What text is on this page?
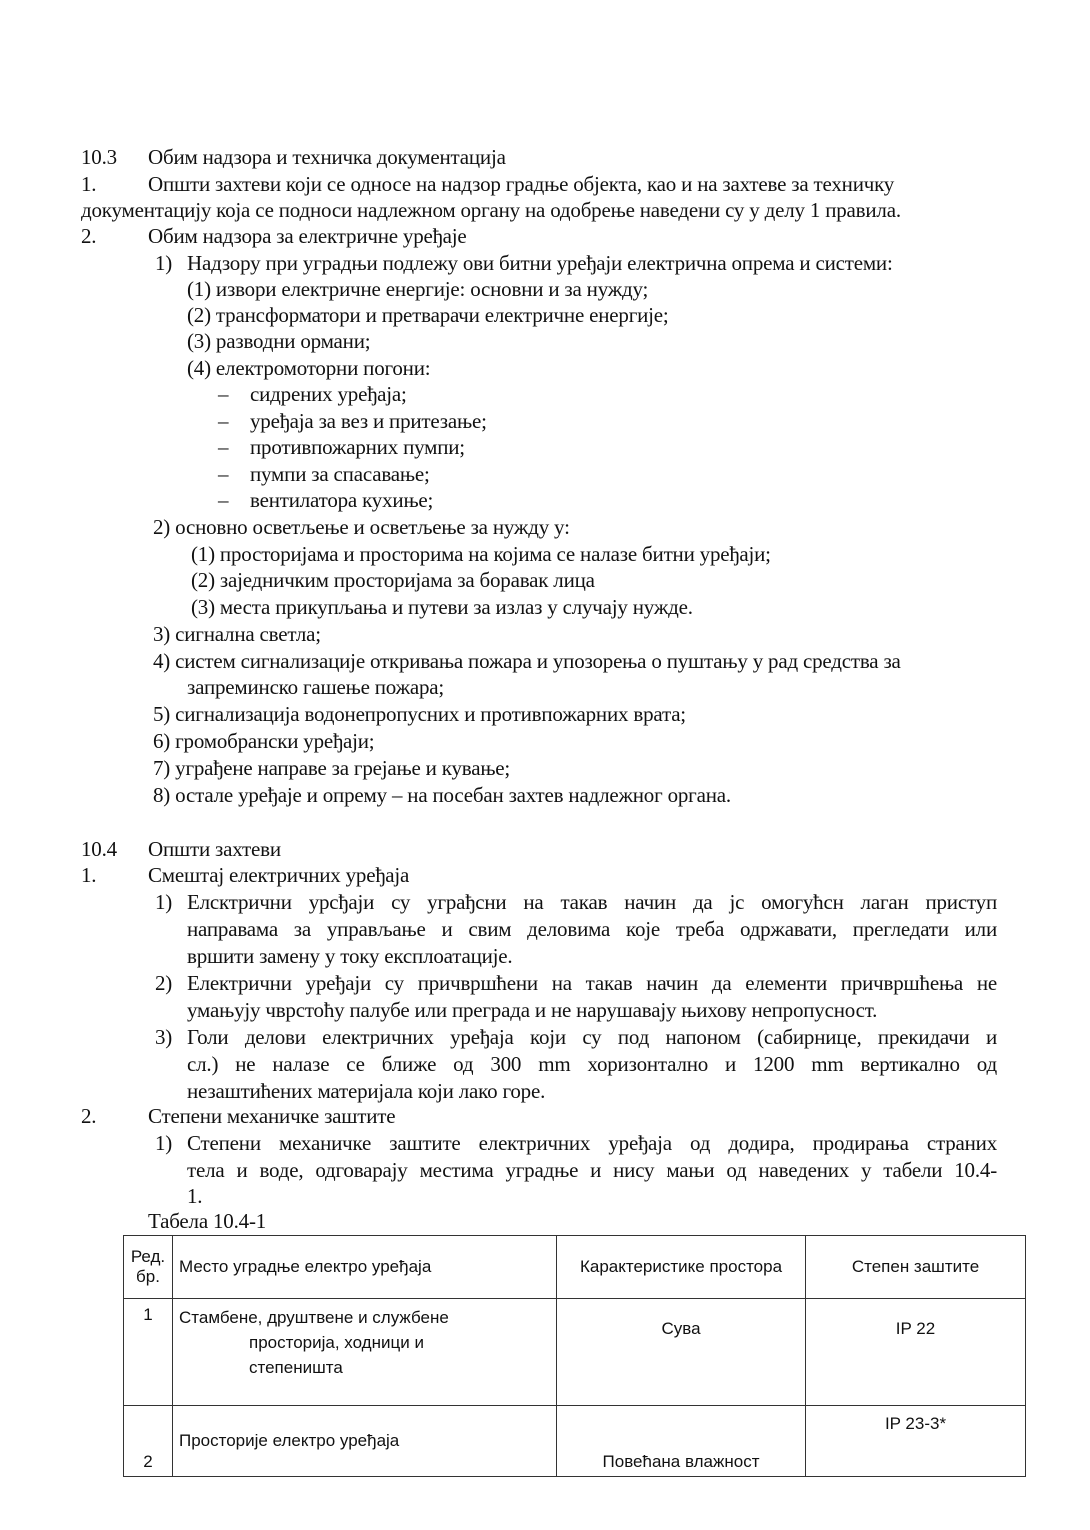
10.3 Обим надзора и техничка документација
1. Општи захтеви који се односе на надзор градње објекта, као и на захтеве за техничку
документацију која се подноси надлежном органу на одобрење наведени су у делу 1 правила.
2. Обим надзора за електричне уређаје
1) Надзору при уградњи подлежу ови битни уређаји електрична опрема и системи:
(1) извори електричне енергије: основни и за нужду;
(2) трансформатори и претварачи електричне енергије;
(3) разводни ормани;
(4) електромоторни погони:
– сидрених уређаја;
– уређаја за вез и притезање;
– противпожарних пумпи;
– пумпи за спасавање;
– вентилатора кухиње;
2) основно осветљење и осветљење за нужду у:
(1) просторијама и просторима на којима се налазе битни уређаји;
(2) заједничким просторијама за боравак лица
(3) места прикупљања и путеви за излаз у случају нужде.
3) сигнална светла;
4) систем сигнализације откривања пожара и упозорења о пуштању у рад средства за
запреминско гашење пожара;
5) сигнализација водонепропусних и противпожарних врата;
6) громобрански уређаји;
7) уграђене направе за грејање и кување;
8) остале уређаје и опрему – на посебан захтев надлежног органа.
10.4 Општи захтеви
1. Смештај електричних уређаја
1) Елсктрични урсђаји су уграђсни на такав начин да јс омогућсн лаган приступ
направама за управљање и свим деловима које треба одржавати, прегледати или
вршити замену у току експлоатације.
2) Електрични уређаји су причвршћени на такав начин да елементи причвршћења не
умањују чврстоћу палубе или преграда и не нарушавају њихову непропусност.
3) Голи делови електричних уређаја који су под напоном (сабирнице, прекидачи и
сл.) не налазе се ближе од 300 mm хоризонтално и 1200 mm вертикално од
незаштићених материјала који лако горе.
2. Степени механичке заштите
1) Степени механичке заштите електричних уређаја од додира, продирања страних
тела и воде, одговарају местима уградње и нису мањи од наведених у табели 10.4-
1.
Табела 10.4-1
Ред.
бр.	Место уградње електро уређаја	Карактеристике простора	Степен заштите
1	Стамбене, друштвене и службене
просторија, ходници и
степеништа	Сува	IP 22
2	Просторије електро уређаја	Повећана влажност	IP 23-3*
